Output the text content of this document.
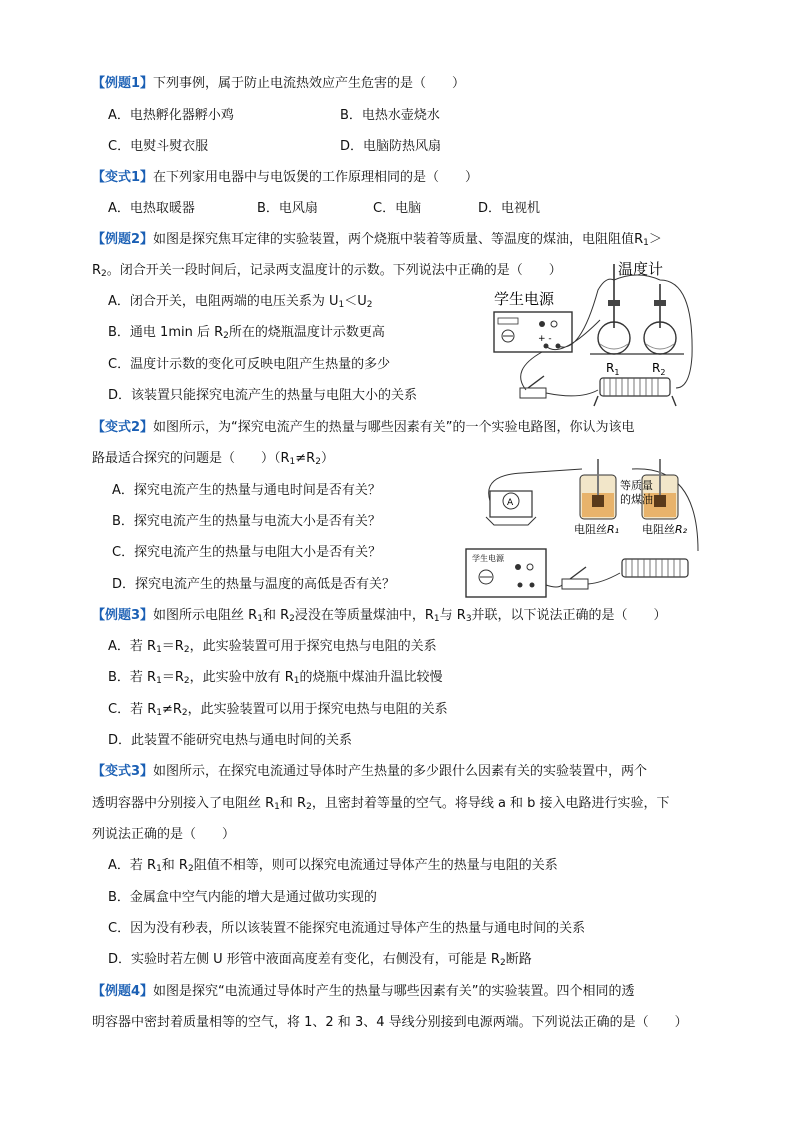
【例题1】下列事例，属于防止电流热效应产生危害的是（　　）
A．电热孵化器孵小鸡	B．电热水壶烧水
C．电熨斗熨衣服	D．电脑防热风扇
【变式1】在下列家用电器中与电饭煲的工作原理相同的是（　　）
A．电热取暖器	B．电风扇	C．电脑	D．电视机
【例题2】如图是探究焦耳定律的实验装置，两个烧瓶中装着等质量、等温度的煤油，电阻阻值$R_1>$
$R_2$。闭合开关一段时间后，记录两支温度计的示数。下列说法中正确的是（　　）
A．闭合开关，电阻两端的电压关系为 $U_1<U_2$
B．通电 1min 后 $R_2$所在的烧瓶温度计示数更高
C．温度计示数的变化可反映电阻产生热量的多少
D．该装置只能探究电流产生的热量与电阻大小的关系
学生电源
+ -
温度计
$R_1$	$R_2$
【变式2】如图所示，为“探究电流产生的热量与哪些因素有关”的一个实验电路图，你认为该电
路最适合探究的问题是（　　）$(R_1\ne R_2)$
A．探究电流产生的热量与通电时间是否有关？
B．探究电流产生的热量与电流大小是否有关？
C．探究电流产生的热量与电阻大小是否有关？
D．探究电流产生的热量与温度的高低是否有关？
A
等质量
的煤油
电阻丝R₁ 电阻丝R₂
学生电源
【例题3】如图所示电阻丝 $R_1$和 $R_2$浸没在等质量煤油中，$R_1$与 $R_3$并联，以下说法正确的是（　　）
A．若 $R_1=R_2$，此实验装置可用于探究电热与电阻的关系
B．若 $R_1=R_2$，此实验中放有 $R_1$的烧瓶中煤油升温比较慢
C．若 $R_1\ne R_2$，此实验装置可以用于探究电热与电阻的关系
D．此装置不能研究电热与通电时间的关系
【变式3】如图所示，在探究电流通过导体时产生热量的多少跟什么因素有关的实验装置中，两个
透明容器中分别接入了电阻丝 $R_1$和 $R_2$，且密封着等量的空气。将导线 a 和 b 接入电路进行实验，下
列说法正确的是（　　）
A．若 $R_1$和 $R_2$阻值不相等，则可以探究电流通过导体产生的热量与电阻的关系
B．金属盒中空气内能的增大是通过做功实现的
C．因为没有秒表，所以该装置不能探究电流通过导体产生的热量与通电时间的关系
D．实验时若左侧 U 形管中液面高度差有变化，右侧没有，可能是 $R_2$断路
【例题4】如图是探究“电流通过导体时产生的热量与哪些因素有关”的实验装置。四个相同的透
明容器中密封着质量相等的空气，将 1、2 和 3、4 导线分别接到电源两端。下列说法正确的是（　　）
